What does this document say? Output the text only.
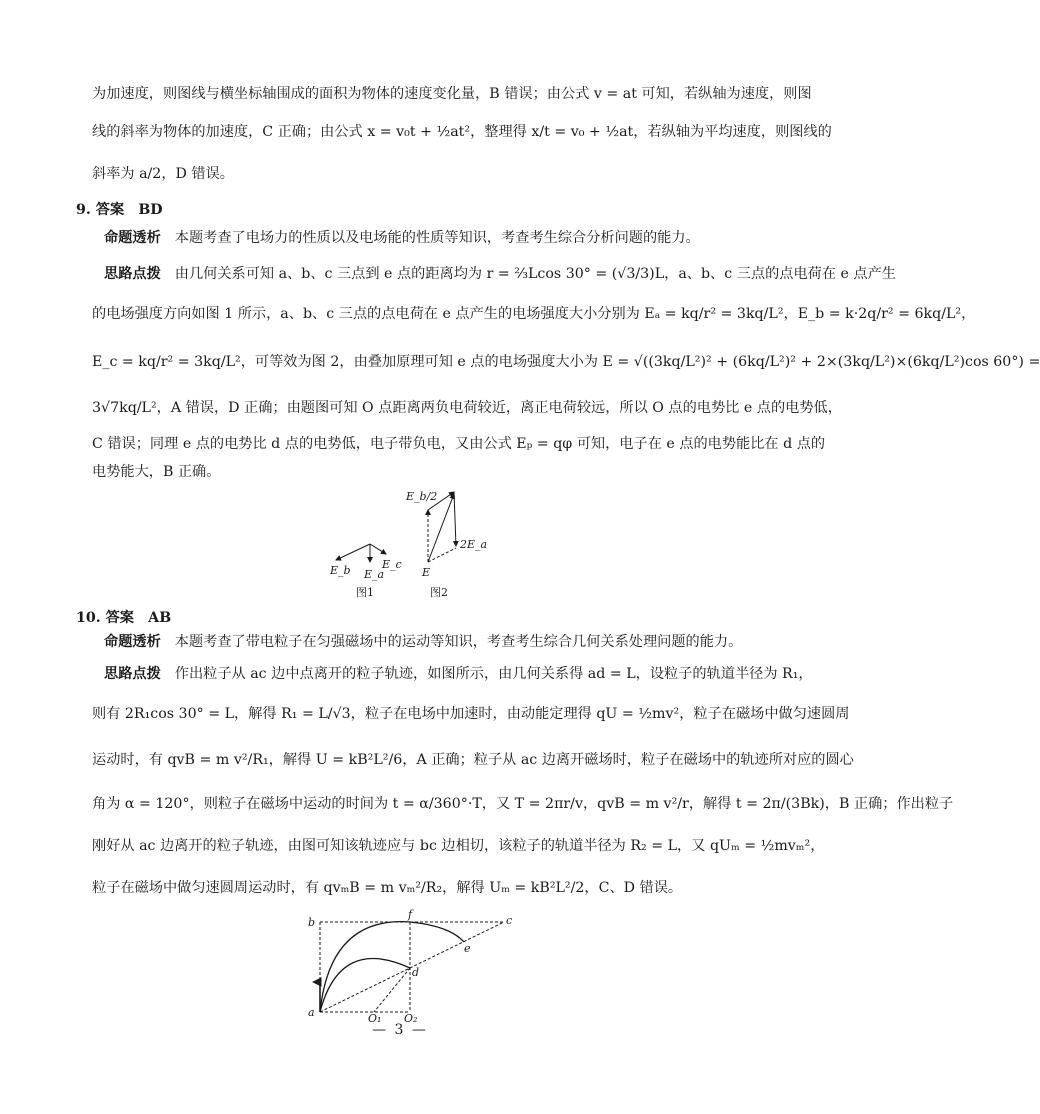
为加速度，则图线与横坐标轴围成的面积为物体的速度变化量，B 错误；由公式 v = at 可知，若纵轴为速度，则图
线的斜率为物体的加速度，C 正确；由公式 x = v₀t + ½at²，整理得 x/t = v₀ + ½at，若纵轴为平均速度，则图线的
斜率为 a/2，D 错误。
9. 答案　BD
命题透析 本题考查了电场力的性质以及电场能的性质等知识，考查考生综合分析问题的能力。
思路点拨 由几何关系可知 a、b、c 三点到 e 点的距离均为 r = ⅔Lcos 30° = (√3/3)L，a、b、c 三点的点电荷在 e 点产生
的电场强度方向如图 1 所示，a、b、c 三点的点电荷在 e 点产生的电场强度大小分别为 Eₐ = kq/r² = 3kq/L²，E_b = k·2q/r² = 6kq/L²，
E_c = kq/r² = 3kq/L²，可等效为图 2，由叠加原理可知 e 点的电场强度大小为 E = √((3kq/L²)² + (6kq/L²)² + 2×(3kq/L²)×(6kq/L²)cos 60°) =
3√7kq/L²，A 错误，D 正确；由题图可知 O 点距离两负电荷较近，离正电荷较远，所以 O 点的电势比 e 点的电势低，
C 错误；同理 e 点的电势比 d 点的电势低，电子带负电，又由公式 Eₚ = qφ 可知，电子在 e 点的电势能比在 d 点的
电势能大，B 正确。
E_b E_a
E_c
图1
E_b/2
2E_a
E
图2
10. 答案　AB
命题透析 本题考查了带电粒子在匀强磁场中的运动等知识，考查考生综合几何关系处理问题的能力。
思路点拨 作出粒子从 ac 边中点离开的粒子轨迹，如图所示，由几何关系得 ad = L，设粒子的轨道半径为 R₁，
则有 2R₁cos 30° = L，解得 R₁ = L/√3，粒子在电场中加速时，由动能定理得 qU = ½mv²，粒子在磁场中做匀速圆周
运动时，有 qvB = m v²/R₁，解得 U = kB²L²/6，A 正确；粒子从 ac 边离开磁场时，粒子在磁场中的轨迹所对应的圆心
角为 α = 120°，则粒子在磁场中运动的时间为 t = α/360°·T，又 T = 2πr/v，qvB = m v²/r，解得 t = 2π/(3Bk)，B 正确；作出粒子
刚好从 ac 边离开的粒子轨迹，由图可知该轨迹应与 bc 边相切，该粒子的轨道半径为 R₂ = L，又 qUₘ = ½mvₘ²，
粒子在磁场中做匀速圆周运动时，有 qvₘB = m vₘ²/R₂，解得 Uₘ = kB²L²/2，C、D 错误。
b
f	c
e
d
a	O₁ O₂
— 3 —
